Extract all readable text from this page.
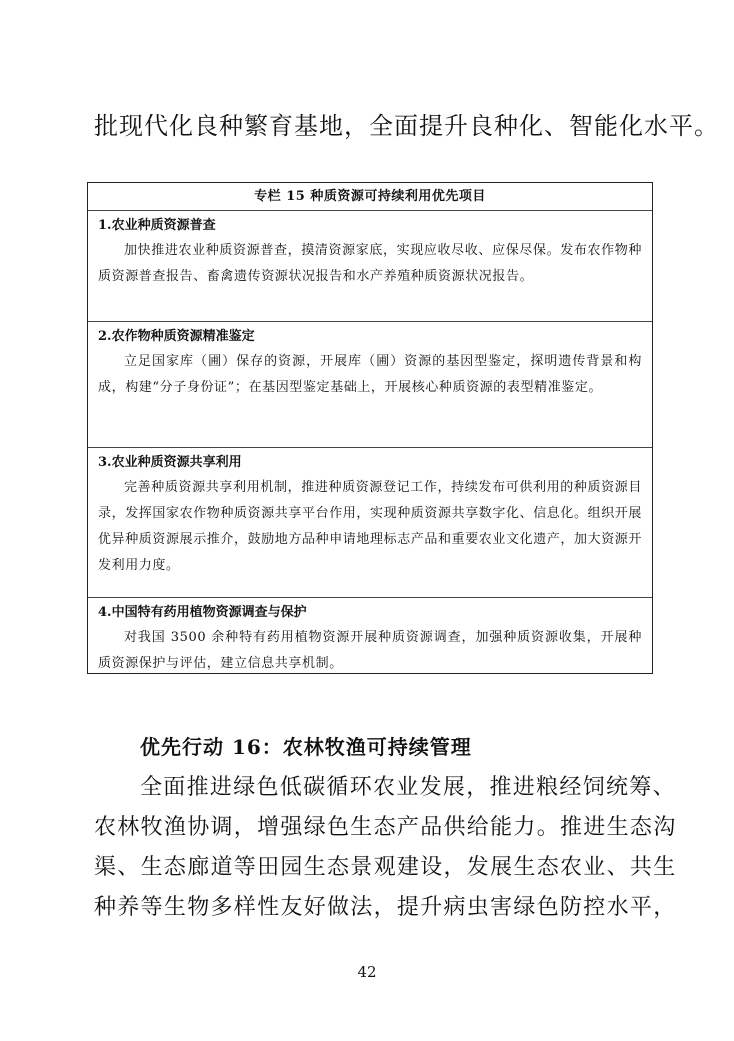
批现代化良种繁育基地，全面提升良种化、智能化水平。
专栏 15 种质资源可持续利用优先项目
1.农业种质资源普查
加快推进农业种质资源普查，摸清资源家底，实现应收尽收、应保尽保。发布农作物种质资源普查报告、畜禽遗传资源状况报告和水产养殖种质资源状况报告。
2.农作物种质资源精准鉴定
立足国家库（圃）保存的资源，开展库（圃）资源的基因型鉴定，探明遗传背景和构成，构建“分子身份证”；在基因型鉴定基础上，开展核心种质资源的表型精准鉴定。
3.农业种质资源共享利用
完善种质资源共享利用机制，推进种质资源登记工作，持续发布可供利用的种质资源目录，发挥国家农作物种质资源共享平台作用，实现种质资源共享数字化、信息化。组织开展优异种质资源展示推介，鼓励地方品种申请地理标志产品和重要农业文化遗产，加大资源开发利用力度。
4.中国特有药用植物资源调查与保护
对我国 3500 余种特有药用植物资源开展种质资源调查，加强种质资源收集，开展种质资源保护与评估，建立信息共享机制。
优先行动 16：农林牧渔可持续管理
全面推进绿色低碳循环农业发展，推进粮经饲统筹、
农林牧渔协调，增强绿色生态产品供给能力。推进生态沟
渠、生态廊道等田园生态景观建设，发展生态农业、共生
种养等生物多样性友好做法，提升病虫害绿色防控水平，
42
